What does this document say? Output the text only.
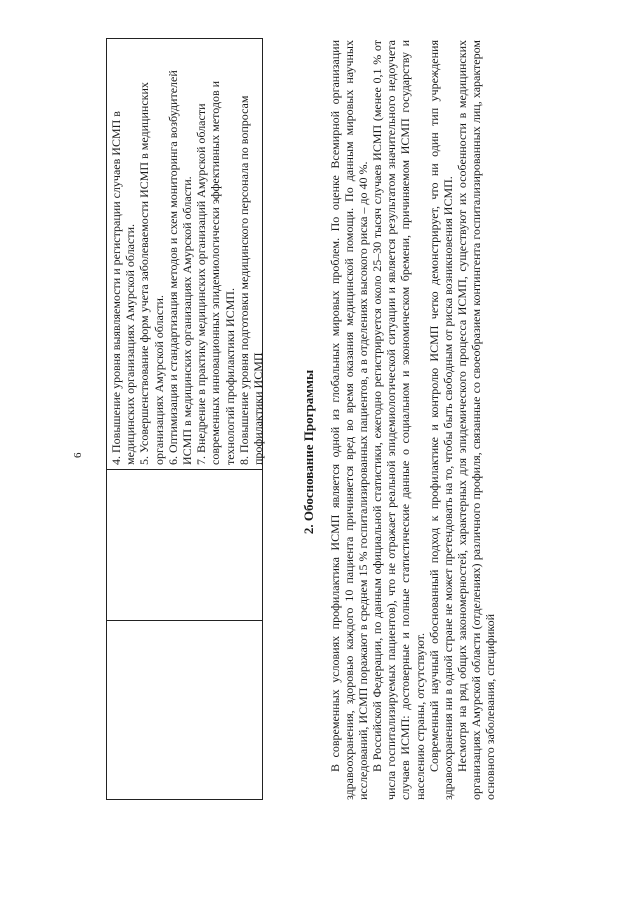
6 4. Повышение уровня выявляемости и регистрации случаев ИСМП в медицинских организациях Амурской области. 5. Усовершенствование форм учета заболеваемости ИСМП в медицинских организациях Амурской области. 6. Оптимизация и стандартизация методов и схем мониторинга возбудителей ИСМП в медицинских организациях Амурской области. 7. Внедрение в практику медицинских организаций Амурской области современных инновационных эпидемиологически эффективных методов и технологий профилактики ИСМП. 8. Повышение уровня подготовки медицинского персонала по вопросам профилактики ИСМП	2. Обоснование Программы В современных условиях профилактика ИСМП является одной из глобальных мировых проблем. По оценке Всемирной организации здравоохранения, здоровью каждого 10 пациента причиняется вред во время оказания медицинской помощи. По данным мировых научных исследований, ИСМП поражают в среднем 15 % госпитализированных пациентов, а в отделениях высокого риска – до 40 %. В Российской Федерации, по данным официальной статистики, ежегодно регистрируется около 25–30 тысяч случаев ИСМП (менее 0,1 % от числа госпитализируемых пациентов), что не отражает реальной эпидемиологической ситуации и является результатом значительного недоучета случаев ИСМП: достоверные и полные статистические данные о социальном и экономическом бремени, причиняемом ИСМП государству и населению страны, отсутствуют. Современный научный обоснованный подход к профилактике и контролю ИСМП четко демонстрирует, что ни один тип учреждения здравоохранения ни в одной стране не может претендовать на то, чтобы быть свободным от риска возникновения ИСМП. Несмотря на ряд общих закономерностей, характерных для эпидемического процесса ИСМП, существуют их особенности в медицинских организациях Амурской области (отделениях) различного профиля, связанные со своеобразием контингента госпитализированных лиц, характером основного заболевания, спецификой
